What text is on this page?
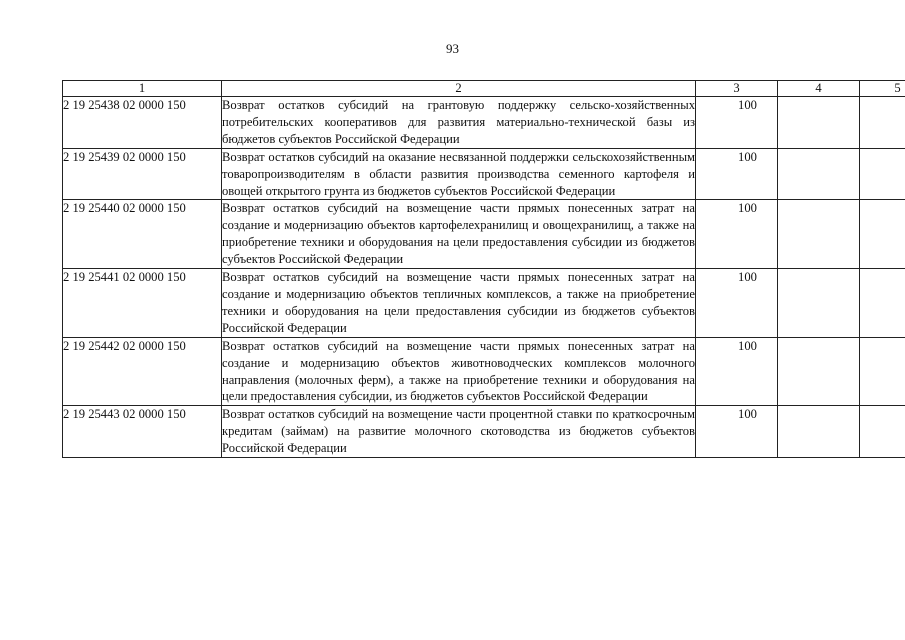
93
1	2	3	4	5
2 19 25438 02 0000 150	Возврат остатков субсидий на грантовую поддержку сельско-хозяйственных потребительских кооперативов для развития материально-технической базы из бюджетов субъектов Российской Федерации	100		

2 19 25439 02 0000 150	Возврат остатков субсидий на оказание несвязанной поддержки сельскохозяйственным товаропроизводителям в области развития производства семенного картофеля и овощей открытого грунта из бюджетов субъектов Российской Федерации	100		

2 19 25440 02 0000 150	Возврат остатков субсидий на возмещение части прямых понесенных затрат на создание и модернизацию объектов картофелехранилищ и овощехранилищ, а также на приобретение техники и оборудования на цели предоставления субсидии из бюджетов субъектов Российской Федерации	100		

2 19 25441 02 0000 150	Возврат остатков субсидий на возмещение части прямых понесенных затрат на создание и модернизацию объектов тепличных комплексов, а также на приобретение техники и оборудования на цели предоставления субсидии из бюджетов субъектов Российской Федерации	100		

2 19 25442 02 0000 150	Возврат остатков субсидий на возмещение части прямых понесенных затрат на создание и модернизацию объектов животноводческих комплексов молочного направления (молочных ферм), а также на приобретение техники и оборудования на цели предоставления субсидии, из бюджетов субъектов Российской Федерации	100		

2 19 25443 02 0000 150	Возврат остатков субсидий на возмещение части процентной ставки по краткосрочным кредитам (займам) на развитие молочного скотоводства из бюджетов субъектов Российской Федерации	100		
